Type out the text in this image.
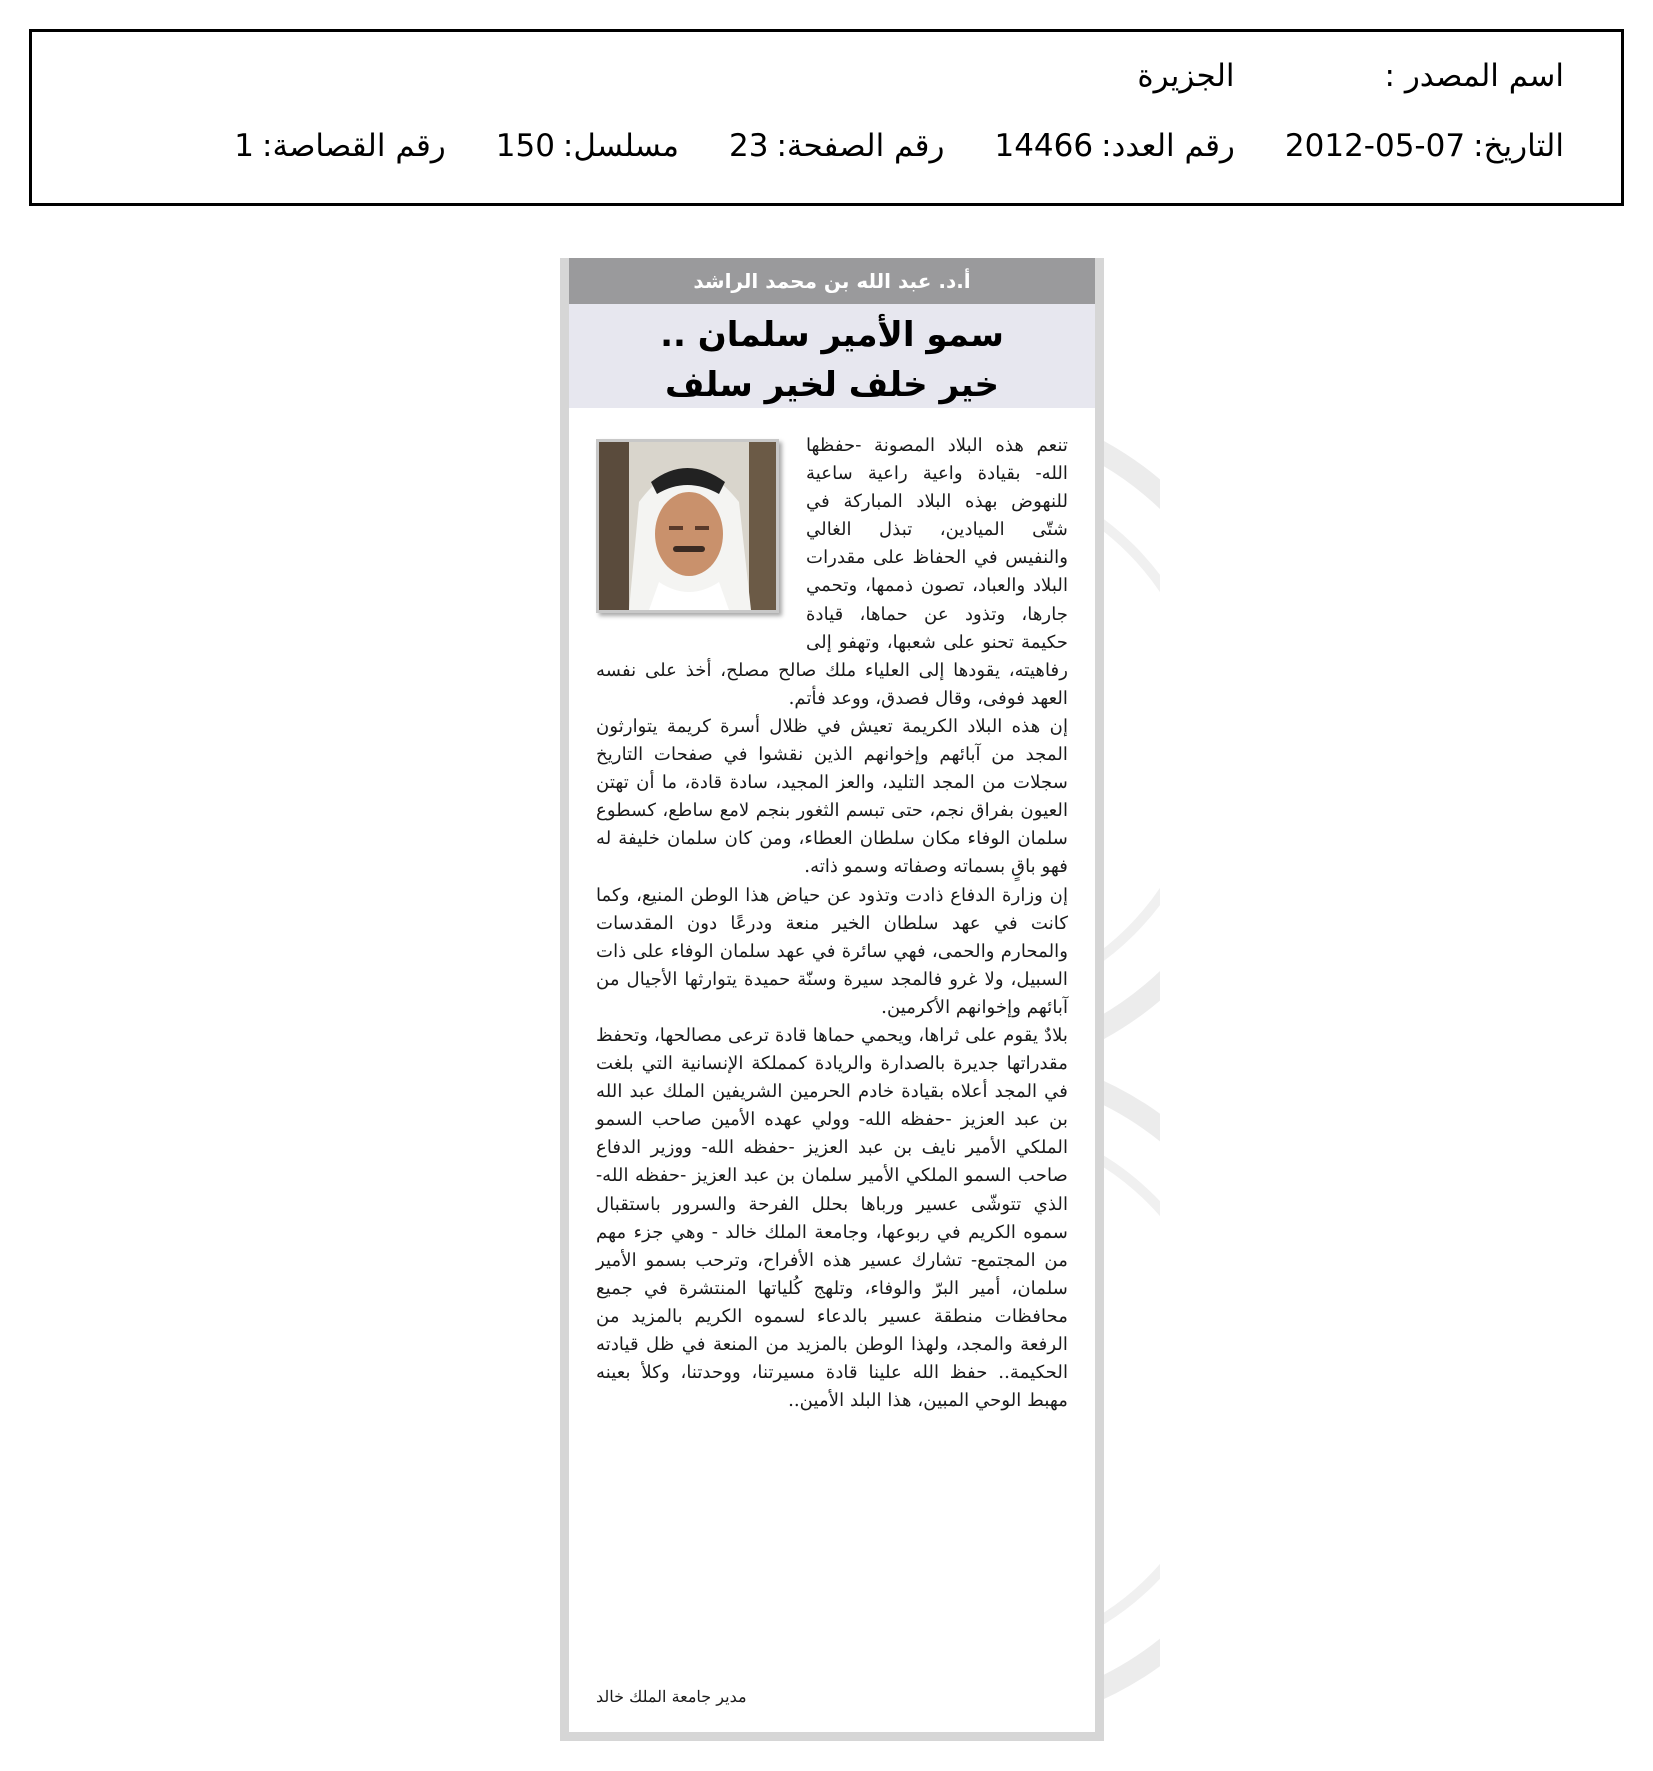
اسم المصدر :
الجزيرة
التاريخ:
2012-05-07
رقم العدد:
14466
رقم الصفحة:
23
مسلسل:
150
رقم القصاصة:
1
أ.د. عبد الله بن محمد الراشد
سمو الأمير سلمان ..
خير خلف لخير سلف

تنعم هذه البلاد المصونة -حفظها الله- بقيادة واعية راعية ساعية للنهوض بهذه البلاد المباركة في شتّى الميادين، تبذل الغالي والنفيس في الحفاظ على مقدرات البلاد والعباد، تصون ذممها، وتحمي جارها، وتذود عن حماها، قيادة حكيمة تحنو على شعبها، وتهفو إلى رفاهيته، يقودها إلى العلياء ملك صالح مصلح، أخذ على نفسه العهد فوفى، وقال فصدق، ووعد فأتم.

إن هذه البلاد الكريمة تعيش في ظلال أسرة كريمة يتوارثون المجد من آبائهم وإخوانهم الذين نقشوا في صفحات التاريخ سجلات من المجد التليد، والعز المجيد، سادة قادة، ما أن تهتن العيون بفراق نجم، حتى تبسم الثغور بنجم لامع ساطع، كسطوع سلمان الوفاء مكان سلطان العطاء، ومن كان سلمان خليفة له فهو باقٍ بسماته وصفاته وسمو ذاته.

إن وزارة الدفاع ذادت وتذود عن حياض هذا الوطن المنيع، وكما كانت في عهد سلطان الخير منعة ودرعًا دون المقدسات والمحارم والحمى، فهي سائرة في عهد سلمان الوفاء على ذات السبيل، ولا غرو فالمجد سيرة وسنّة حميدة يتوارثها الأجيال من آبائهم وإخوانهم الأكرمين.

بلادٌ يقوم على ثراها، ويحمي حماها قادة ترعى مصالحها، وتحفظ مقدراتها جديرة بالصدارة والريادة كمملكة الإنسانية التي بلغت في المجد أعلاه بقيادة خادم الحرمين الشريفين الملك عبد الله بن عبد العزيز -حفظه الله- وولي عهده الأمين صاحب السمو الملكي الأمير نايف بن عبد العزيز -حفظه الله- ووزير الدفاع صاحب السمو الملكي الأمير سلمان بن عبد العزيز -حفظه الله- الذي تتوشّى عسير ورباها بحلل الفرحة والسرور باستقبال سموه الكريم في ربوعها، وجامعة الملك خالد - وهي جزء مهم من المجتمع- تشارك عسير هذه الأفراح، وترحب بسمو الأمير سلمان، أمير البرّ والوفاء، وتلهج كُلياتها المنتشرة في جميع محافظات منطقة عسير بالدعاء لسموه الكريم بالمزيد من الرفعة والمجد، ولهذا الوطن بالمزيد من المنعة في ظل قيادته الحكيمة.. حفظ الله علينا قادة مسيرتنا، ووحدتنا، وكلأ بعينه مهبط الوحي المبين، هذا البلد الأمين..

مدير جامعة الملك خالد
